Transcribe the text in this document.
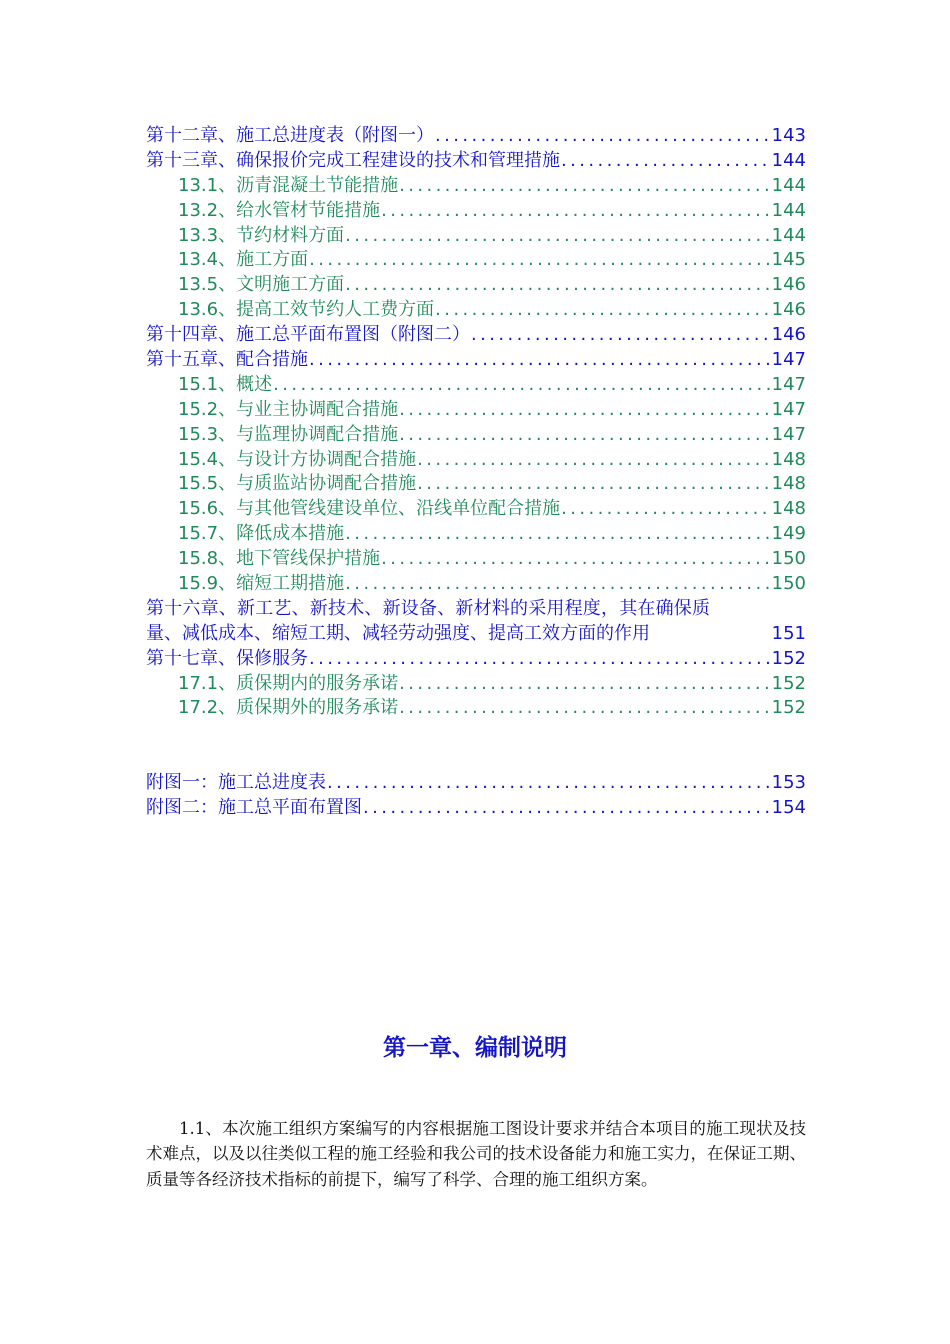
第十二章、施工总进度表（附图一） .....	143
第十三章、确保报价完成工程建设的技术和管理措施 .....	144
13.1、沥青混凝土节能措施 .....	144
13.2、给水管材节能措施 .....	144
13.3、节约材料方面 .....	144
13.4、施工方面 .....	145
13.5、文明施工方面 .....	146
13.6、提高工效节约人工费方面 .....	146
第十四章、施工总平面布置图（附图二） .....	146
第十五章、配合措施 .....	147
15.1、概述 .....	147
15.2、与业主协调配合措施 .....	147
15.3、与监理协调配合措施 .....	147
15.4、与设计方协调配合措施 .....	148
15.5、与质监站协调配合措施 .....	148
15.6、与其他管线建设单位、沿线单位配合措施 .....	148
15.7、降低成本措施 .....	149
15.8、地下管线保护措施 .....	150
15.9、缩短工期措施 .....	150
第十六章、新工艺、新技术、新设备、新材料的采用程度，其在确保质
量、减低成本、缩短工期、减轻劳动强度、提高工效方面的作用	151
第十七章、保修服务 .....	152
17.1、质保期内的服务承诺 .....	152
17.2、质保期外的服务承诺 .....	152
附图一：施工总进度表 .....	153
附图二：施工总平面布置图 .....	154
第一章、编制说明

1.1、本次施工组织方案编写的内容根据施工图设计要求并结合本项目的施工现状及技术难点，以及以往类似工程的施工经验和我公司的技术设备能力和施工实力，在保证工期、质量等各经济技术指标的前提下，编写了科学、合理的施工组织方案。
